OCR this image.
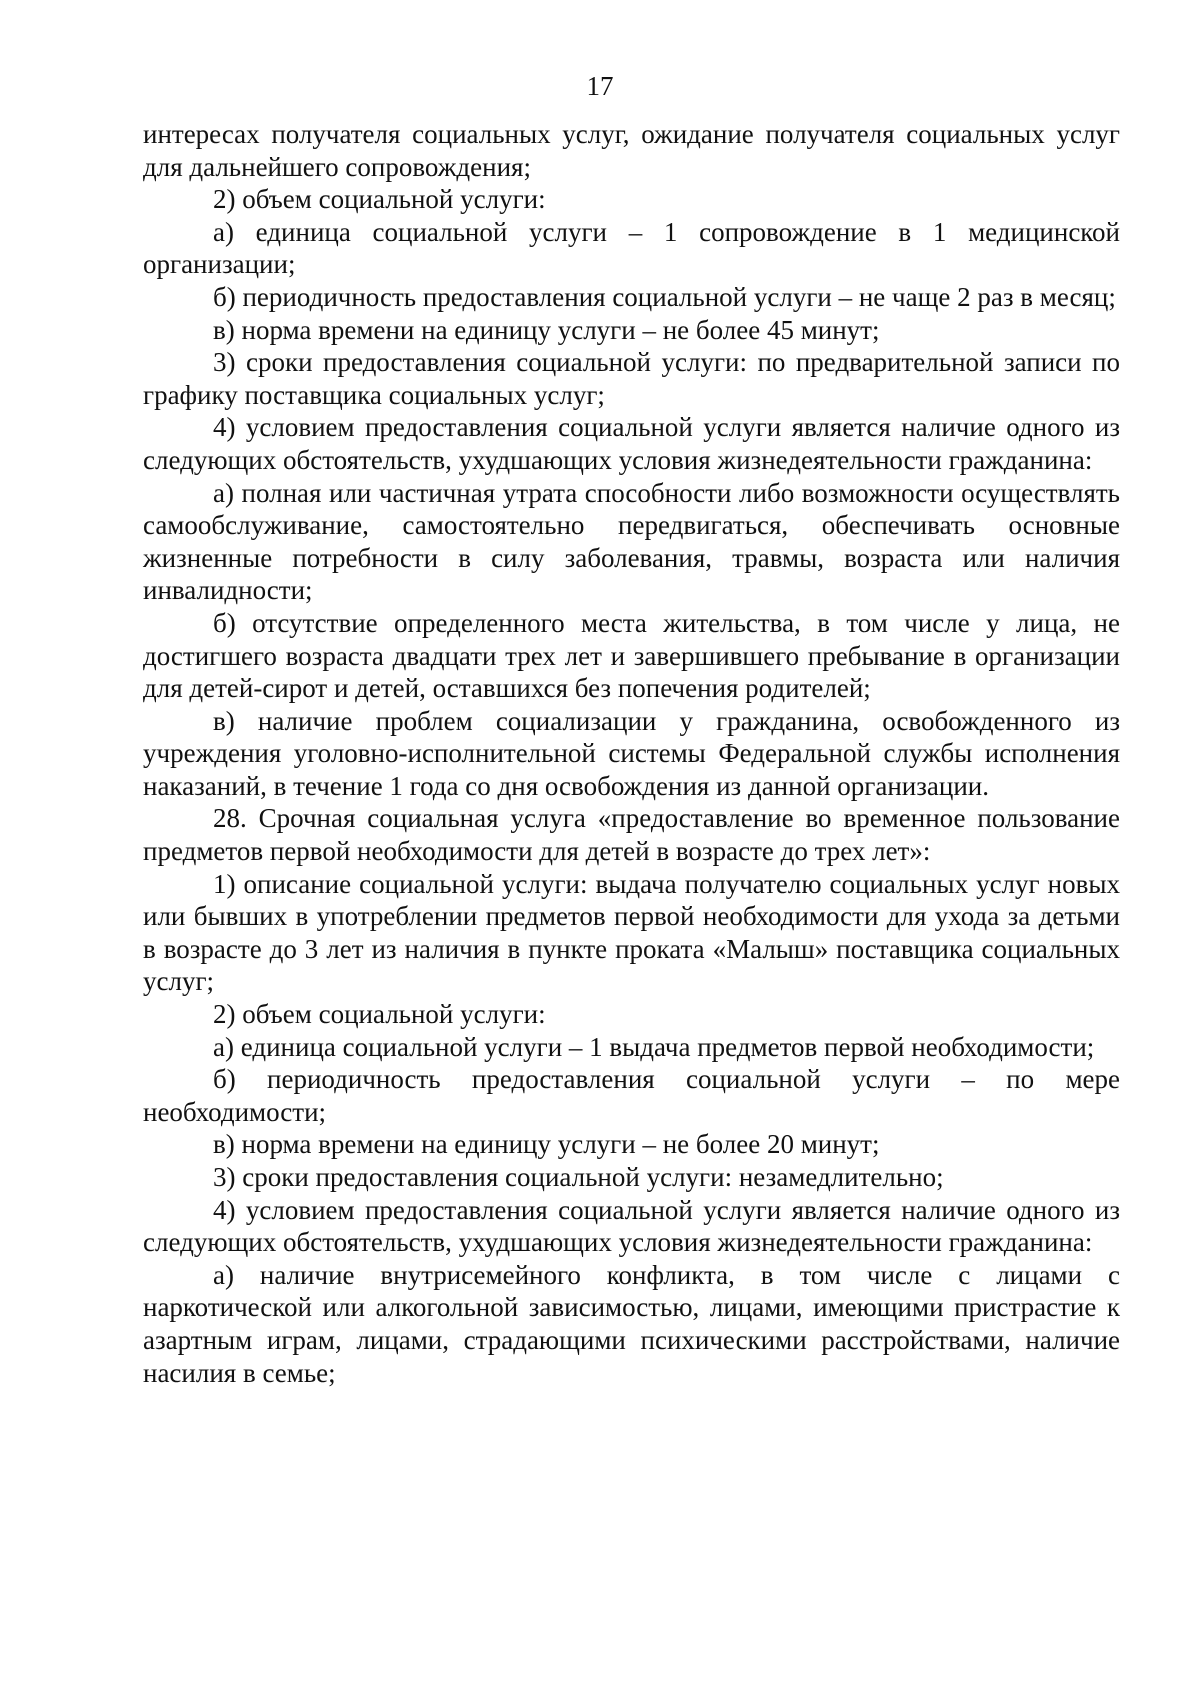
17

интересах получателя социальных услуг, ожидание получателя социальных услуг для дальнейшего сопровождения;

2) объем социальной услуги:

а) единица социальной услуги – 1 сопровождение в 1 медицинской организации;

б) периодичность предоставления социальной услуги – не чаще 2 раз в месяц;

в) норма времени на единицу услуги – не более 45 минут;

3) сроки предоставления социальной услуги: по предварительной записи по графику поставщика социальных услуг;

4) условием предоставления социальной услуги является наличие одного из следующих обстоятельств, ухудшающих условия жизнедеятельности гражданина:

а) полная или частичная утрата способности либо возможности осуществлять самообслуживание, самостоятельно передвигаться, обеспечивать основные жизненные потребности в силу заболевания, травмы, возраста или наличия инвалидности;

б) отсутствие определенного места жительства, в том числе у лица, не достигшего возраста двадцати трех лет и завершившего пребывание в организации для детей-сирот и детей, оставшихся без попечения родителей;

в) наличие проблем социализации у гражданина, освобожденного из учреждения уголовно-исполнительной системы Федеральной службы исполнения наказаний, в течение 1 года со дня освобождения из данной организации.

28. Срочная социальная услуга «предоставление во временное пользование предметов первой необходимости для детей в возрасте до трех лет»:

1) описание социальной услуги: выдача получателю социальных услуг новых или бывших в употреблении предметов первой необходимости для ухода за детьми в возрасте до 3 лет из наличия в пункте проката «Малыш» поставщика социальных услуг;

2) объем социальной услуги:

а) единица социальной услуги – 1 выдача предметов первой необходимости;

б) периодичность предоставления социальной услуги – по мере необходимости;

в) норма времени на единицу услуги – не более 20 минут;

3) сроки предоставления социальной услуги: незамедлительно;

4) условием предоставления социальной услуги является наличие одного из следующих обстоятельств, ухудшающих условия жизнедеятельности гражданина:

а) наличие внутрисемейного конфликта, в том числе с лицами с наркотической или алкогольной зависимостью, лицами, имеющими пристрастие к азартным играм, лицами, страдающими психическими расстройствами, наличие насилия в семье;
